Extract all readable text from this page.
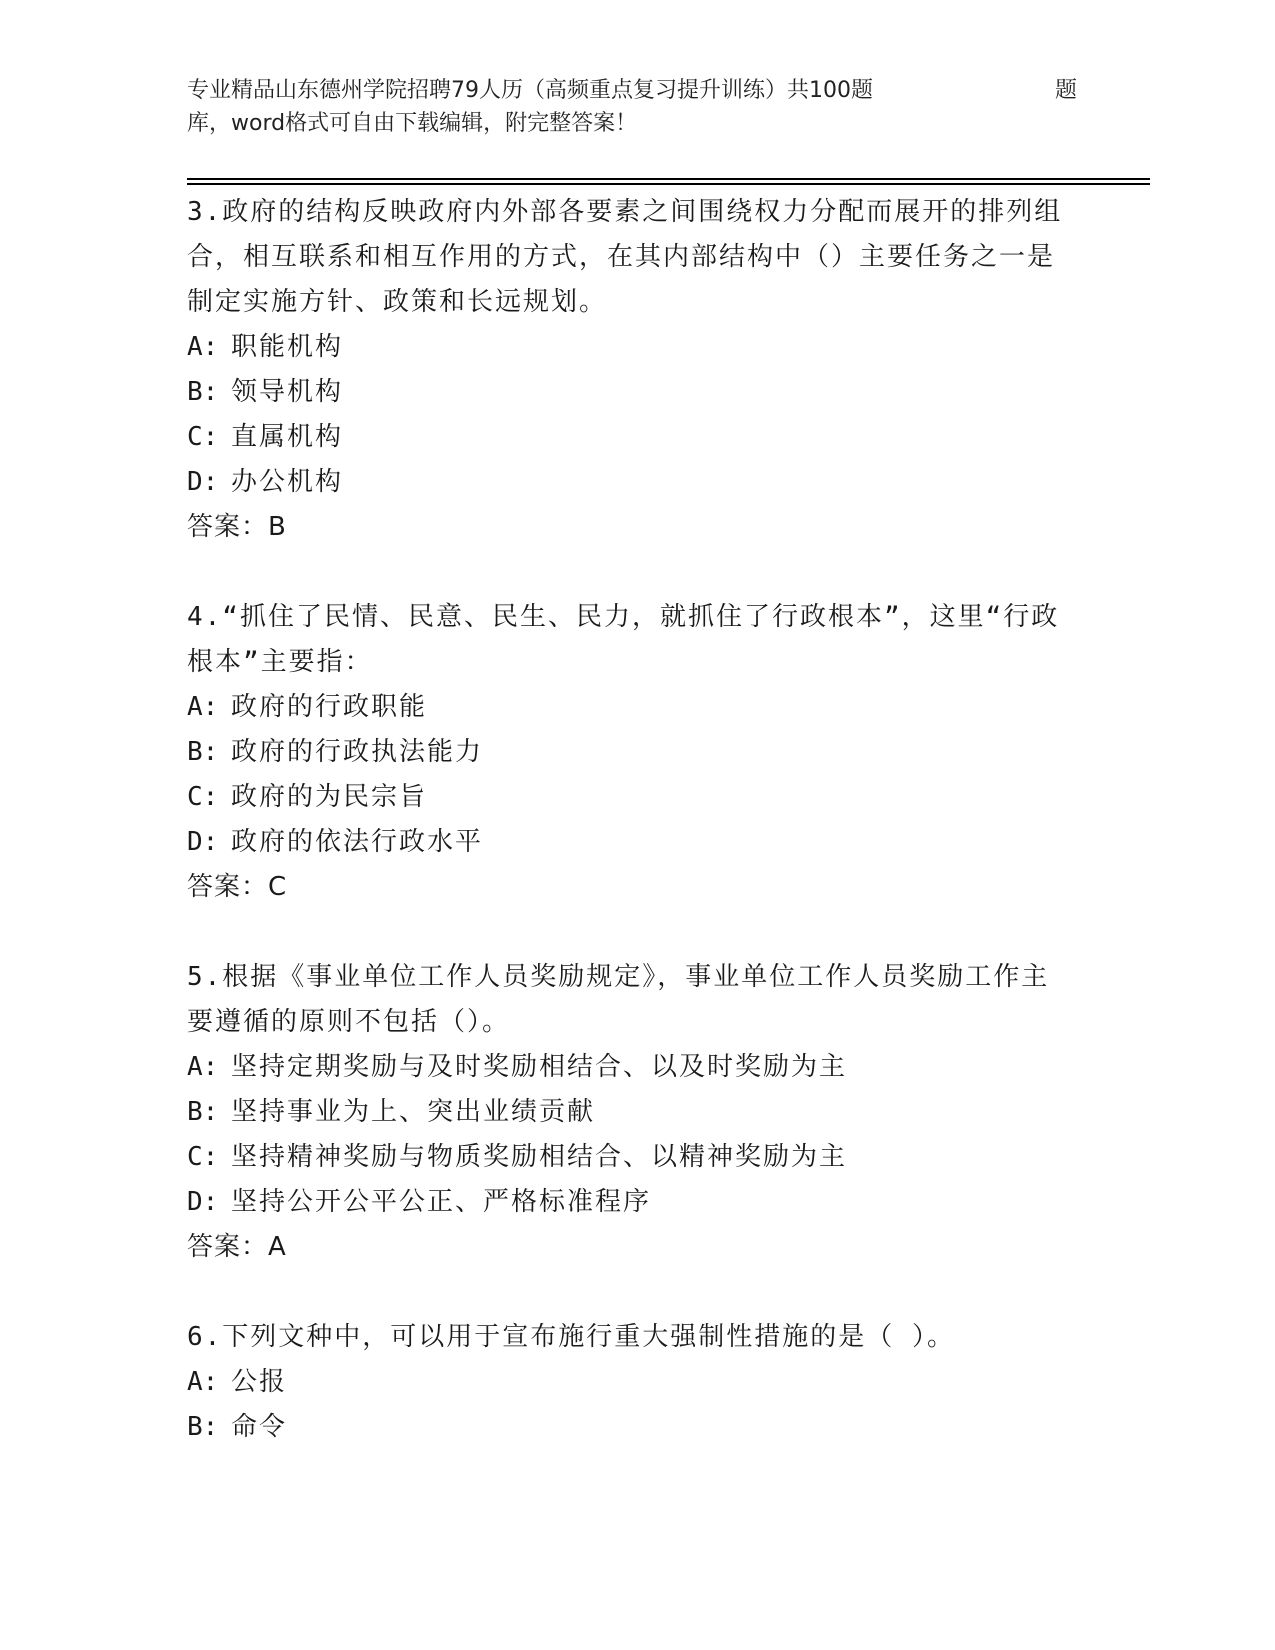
专业精品山东德州学院招聘79人历（高频重点复习提升训练）共100题	题
库，word格式可自由下载编辑，附完整答案！

3.政府的结构反映政府内外部各要素之间围绕权力分配而展开的排列组合，相互联系和相互作用的方式，在其内部结构中（）主要任务之一是制定实施方针、政策和长远规划。

A: 职能机构
B: 领导机构
C: 直属机构
D: 办公机构
答案：B

4.“抓住了民情、民意、民生、民力，就抓住了行政根本”，这里“行政根本”主要指：

A: 政府的行政职能
B: 政府的行政执法能力
C: 政府的为民宗旨
D: 政府的依法行政水平
答案：C

5.根据《事业单位工作人员奖励规定》，事业单位工作人员奖励工作主要遵循的原则不包括（）。

A: 坚持定期奖励与及时奖励相结合、以及时奖励为主
B: 坚持事业为上、突出业绩贡献
C: 坚持精神奖励与物质奖励相结合、以精神奖励为主
D: 坚持公开公平公正、严格标准程序
答案：A

6.下列文种中，可以用于宣布施行重大强制性措施的是（ ）。

A: 公报
B: 命令
